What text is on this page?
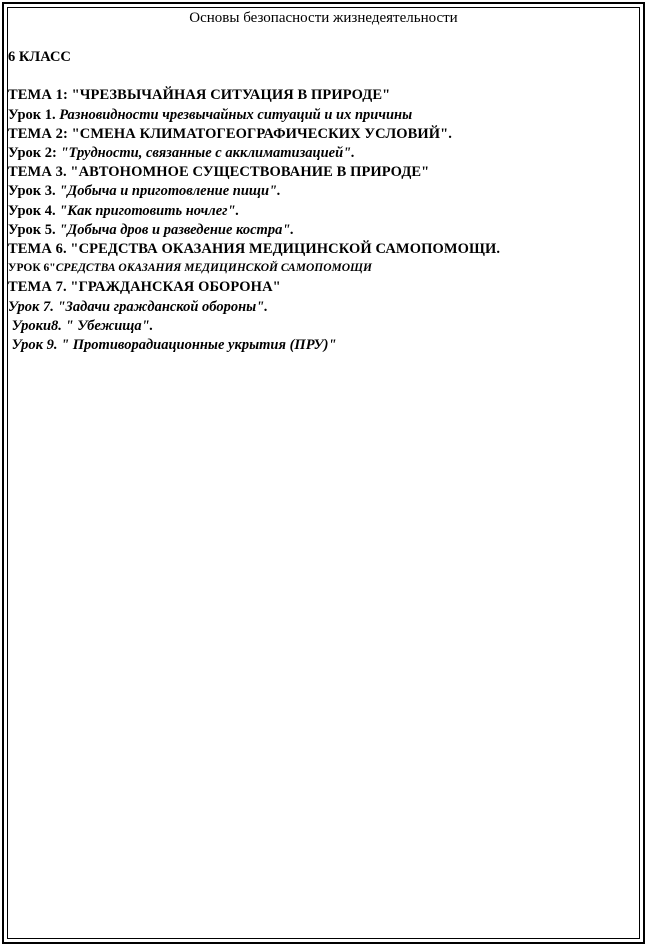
Основы безопасности жизнедеятельности
6 КЛАСС
ТЕМА 1: "ЧРЕЗВЫЧАЙНАЯ СИТУАЦИЯ В ПРИРОДЕ"
Урок 1. Разновидности чрезвычайных ситуаций и их причины
ТЕМА 2: "СМЕНА КЛИМАТОГЕОГРАФИЧЕСКИХ УСЛОВИЙ".
Урок 2: "Трудности, связанные с акклиматизацией".
ТЕМА 3. "АВТОНОМНОЕ СУЩЕСТВОВАНИЕ В ПРИРОДЕ"
Урок 3. "Добыча и приготовление пищи".
Урок 4. "Как приготовить ночлег".
Урок 5. "Добыча дров и разведение костра".
ТЕМА 6. "СРЕДСТВА ОКАЗАНИЯ МЕДИЦИНСКОЙ САМОПОМОЩИ.
УРОК 6"СРЕДСТВА ОКАЗАНИЯ МЕДИЦИНСКОЙ САМОПОМОЩИ
ТЕМА 7. "ГРАЖДАНСКАЯ ОБОРОНА"
Урок 7. "Задачи гражданской обороны".
Уроки8. " Убежища".
Урок 9. " Противорадиационные укрытия (ПРУ)"
